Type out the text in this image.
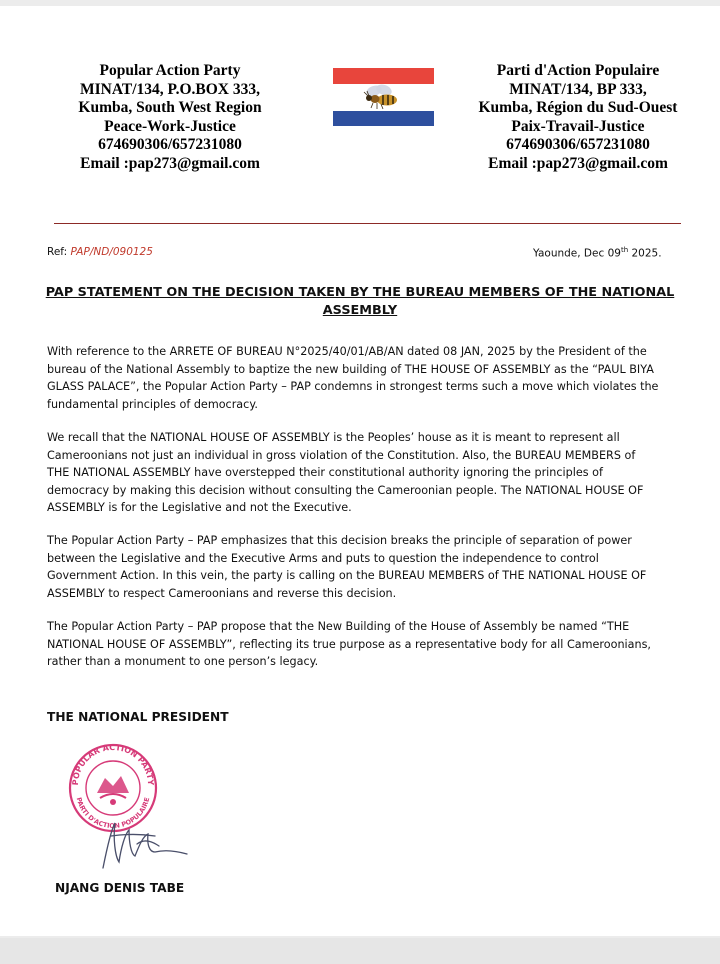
Popular Action Party
MINAT/134, P.O.BOX 333,
Kumba, South West Region
Peace-Work-Justice
674690306/657231080
Email :pap273@gmail.com
Parti d'Action Populaire
MINAT/134, BP 333,
Kumba, Région du Sud-Ouest
Paix-Travail-Justice
674690306/657231080
Email :pap273@gmail.com
Ref: PAP/ND/090125	Yaounde, Dec 09th 2025.
PAP STATEMENT ON THE DECISION TAKEN BY THE BUREAU MEMBERS OF THE NATIONAL
ASSEMBLY
With reference to the ARRETE OF BUREAU N°2025/40/01/AB/AN dated 08 JAN, 2025 by the President of the
bureau of the National Assembly to baptize the new building of THE HOUSE OF ASSEMBLY as the “PAUL BIYA
GLASS PALACE”, the Popular Action Party – PAP condemns in strongest terms such a move which violates the
fundamental principles of democracy.
We recall that the NATIONAL HOUSE OF ASSEMBLY is the Peoples’ house as it is meant to represent all
Cameroonians not just an individual in gross violation of the Constitution. Also, the BUREAU MEMBERS of
THE NATIONAL ASSEMBLY have overstepped their constitutional authority ignoring the principles of
democracy by making this decision without consulting the Cameroonian people. The NATIONAL HOUSE OF
ASSEMBLY is for the Legislative and not the Executive.
The Popular Action Party – PAP emphasizes that this decision breaks the principle of separation of power
between the Legislative and the Executive Arms and puts to question the independence to control
Government Action. In this vein, the party is calling on the BUREAU MEMBERS of THE NATIONAL HOUSE OF
ASSEMBLY to respect Cameroonians and reverse this decision.
The Popular Action Party – PAP propose that the New Building of the House of Assembly be named “THE
NATIONAL HOUSE OF ASSEMBLY”, reflecting its true purpose as a representative body for all Cameroonians,
rather than a monument to one person’s legacy.
THE NATIONAL PRESIDENT
POPULAR ACTION PARTY
PARTI D'ACTION POPULAIRE
NJANG DENIS TABE
